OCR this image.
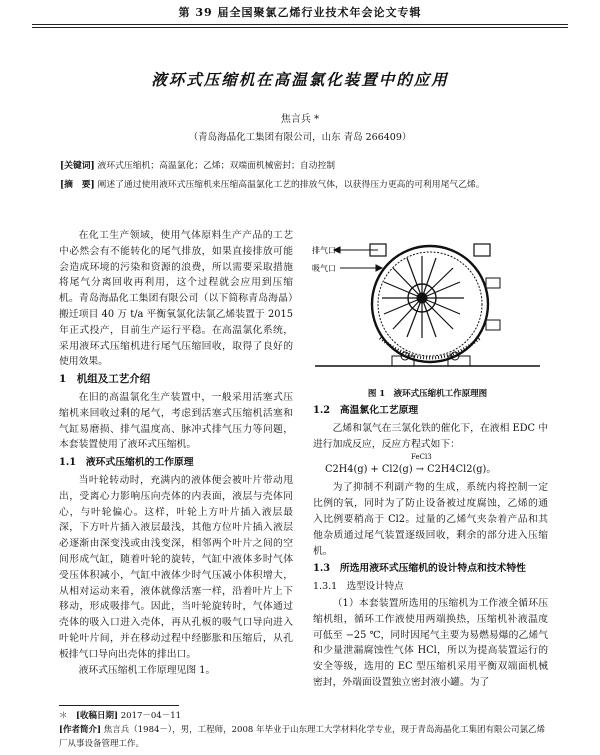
第 39 届全国聚氯乙烯行业技术年会论文专辑
液环式压缩机在高温氯化装置中的应用
焦言兵 *
（青岛海晶化工集团有限公司，山东 青岛 266409）
[关键词] 液环式压缩机；高温氯化；乙烯；双端面机械密封；自动控制
[摘　要] 阐述了通过使用液环式压缩机来压缩高温氯化工艺的排放气体，以获得压力更高的可利用尾气乙烯。

在化工生产领域，使用气体原料生产产品的工艺中必然会有不能转化的尾气排放，如果直接排放可能会造成环境的污染和资源的浪费，所以需要采取措施将尾气分离回收再利用，这个过程就会应用到压缩机。青岛海晶化工集团有限公司（以下简称青岛海晶）搬迁项目 40 万 t/a 平衡氧氯化法氯乙烯装置于 2015 年正式投产，目前生产运行平稳。在高温氯化系统，采用液环式压缩机进行尾气压缩回收，取得了良好的使用效果。

1　机组及工艺介绍

在旧的高温氯化生产装置中，一般采用活塞式压缩机来回收过剩的尾气，考虑到活塞式压缩机活塞和气缸易磨损、排气温度高、脉冲式排气压力等问题，本套装置使用了液环式压缩机。

1.1　液环式压缩机的工作原理

当叶轮转动时，充满内的液体便会被叶片带动甩出，受离心力影响压向壳体的内表面，液层与壳体同心，与叶轮偏心。这样，叶轮上方叶片插入液层最深，下方叶片插入液层最浅，其他方位叶片插入液层必逐渐由深变浅或由浅变深，相邻两个叶片之间的空间形成气缸，随着叶轮的旋转，气缸中液体多时气体受压体积减小，气缸中液体少时气压减小体积增大，从相对运动来看，液体就像活塞一样，沿着叶片上下移动，形成吸排气。因此，当叶轮旋转时，气体通过壳体的吸入口进入壳体，再从孔板的吸气口导向进入叶轮叶片间，并在移动过程中经膨胀和压缩后，从孔板排气口导向出壳体的排出口。

液环式压缩机工作原理见图 1。

排气口
吸气口
图 1　液环式压缩机工作原理图
1.2　高温氯化工艺原理

乙烯和氯气在三氯化铁的催化下，在液相 EDC 中进行加成反应，反应方程式如下：

FeCl3
C2H4(g) + Cl2(g) → C2H4Cl2(g)。

为了抑制不利副产物的生成，系统内将控制一定比例的氧，同时为了防止设备被过度腐蚀，乙烯的通入比例要稍高于 Cl2。过量的乙烯气夹杂着产品和其他杂质通过尾气装置逐级回收，剩余的部分进入压缩机。

1.3　所选用液环式压缩机的设计特点和技术特性
1.3.1　选型设计特点

（1）本套装置所选用的压缩机为工作液全循环压缩机组，循环工作液使用两端换热，压缩机补液温度可低至 −25 ℃，同时因尾气主要为易燃易爆的乙烯气和少量泄漏腐蚀性气体 HCl，所以为提高装置运行的安全等级，选用的 EC 型压缩机采用平衡双端面机械密封，外端面设置独立密封液小罐。为了

＊　[收稿日期] 2017－04－11
[作者简介] 焦言兵（1984－），男，工程师，2008 年毕业于山东理工大学材料化学专业，现于青岛海晶化工集团有限公司氯乙烯厂从事设备管理工作。
